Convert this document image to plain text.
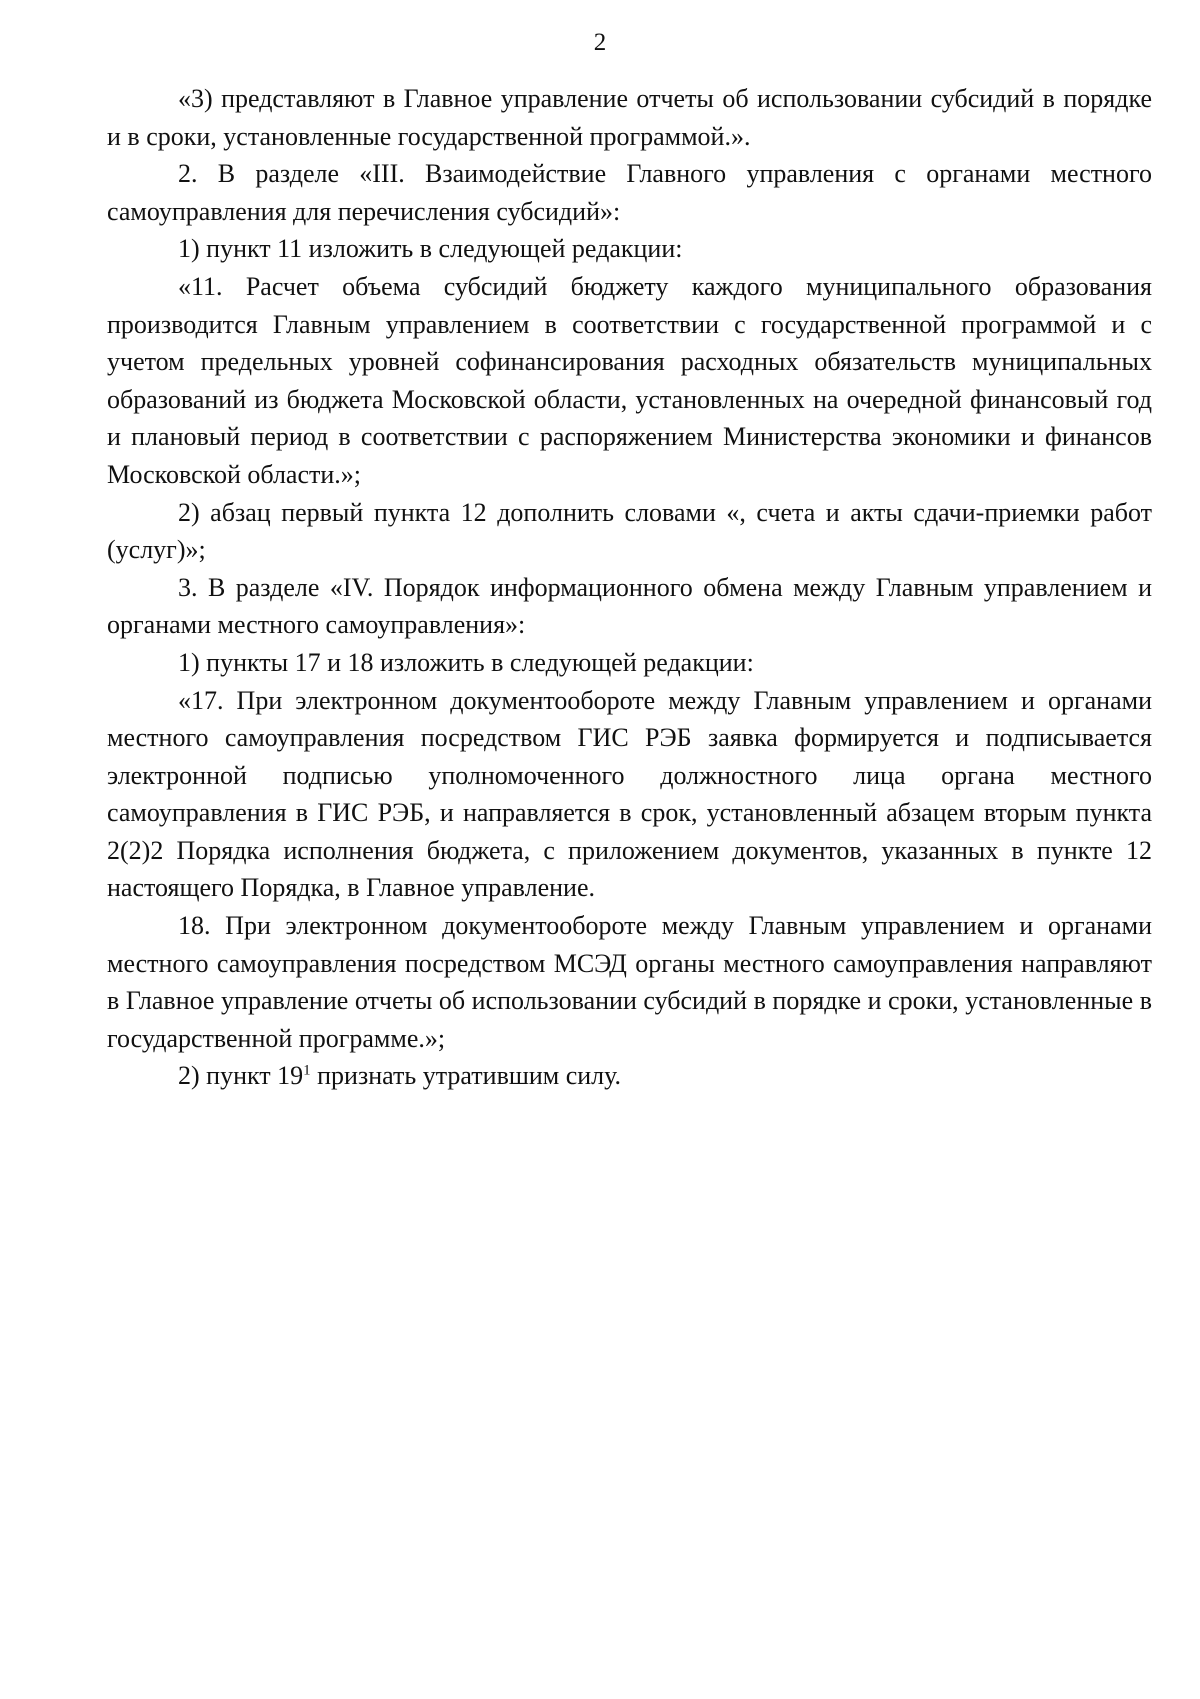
2

«3) представляют в Главное управление отчеты об использовании субсидий в порядке и в сроки, установленные государственной программой.».

2. В разделе «III. Взаимодействие Главного управления с органами местного самоуправления для перечисления субсидий»:

1) пункт 11 изложить в следующей редакции:

«11. Расчет объема субсидий бюджету каждого муниципального образования производится Главным управлением в соответствии с государственной программой и с учетом предельных уровней софинансирования расходных обязательств муниципальных образований из бюджета Московской области, установленных на очередной финансовый год и плановый период в соответствии с распоряжением Министерства экономики и финансов Московской области.»;

2) абзац первый пункта 12 дополнить словами «, счета и акты сдачи-приемки работ (услуг)»;

3. В разделе «IV. Порядок информационного обмена между Главным управлением и органами местного самоуправления»:

1) пункты 17 и 18 изложить в следующей редакции:

«17. При электронном документообороте между Главным управлением и органами местного самоуправления посредством ГИС РЭБ заявка формируется и подписывается электронной подписью уполномоченного должностного лица органа местного самоуправления в ГИС РЭБ, и направляется в срок, установленный абзацем вторым пункта 2(2)2 Порядка исполнения бюджета, с приложением документов, указанных в пункте 12 настоящего Порядка, в Главное управление.

18. При электронном документообороте между Главным управлением и органами местного самоуправления посредством МСЭД органы местного самоуправления направляют в Главное управление отчеты об использовании субсидий в порядке и сроки, установленные в государственной программе.»;

2) пункт $19^1$ признать утратившим силу.
